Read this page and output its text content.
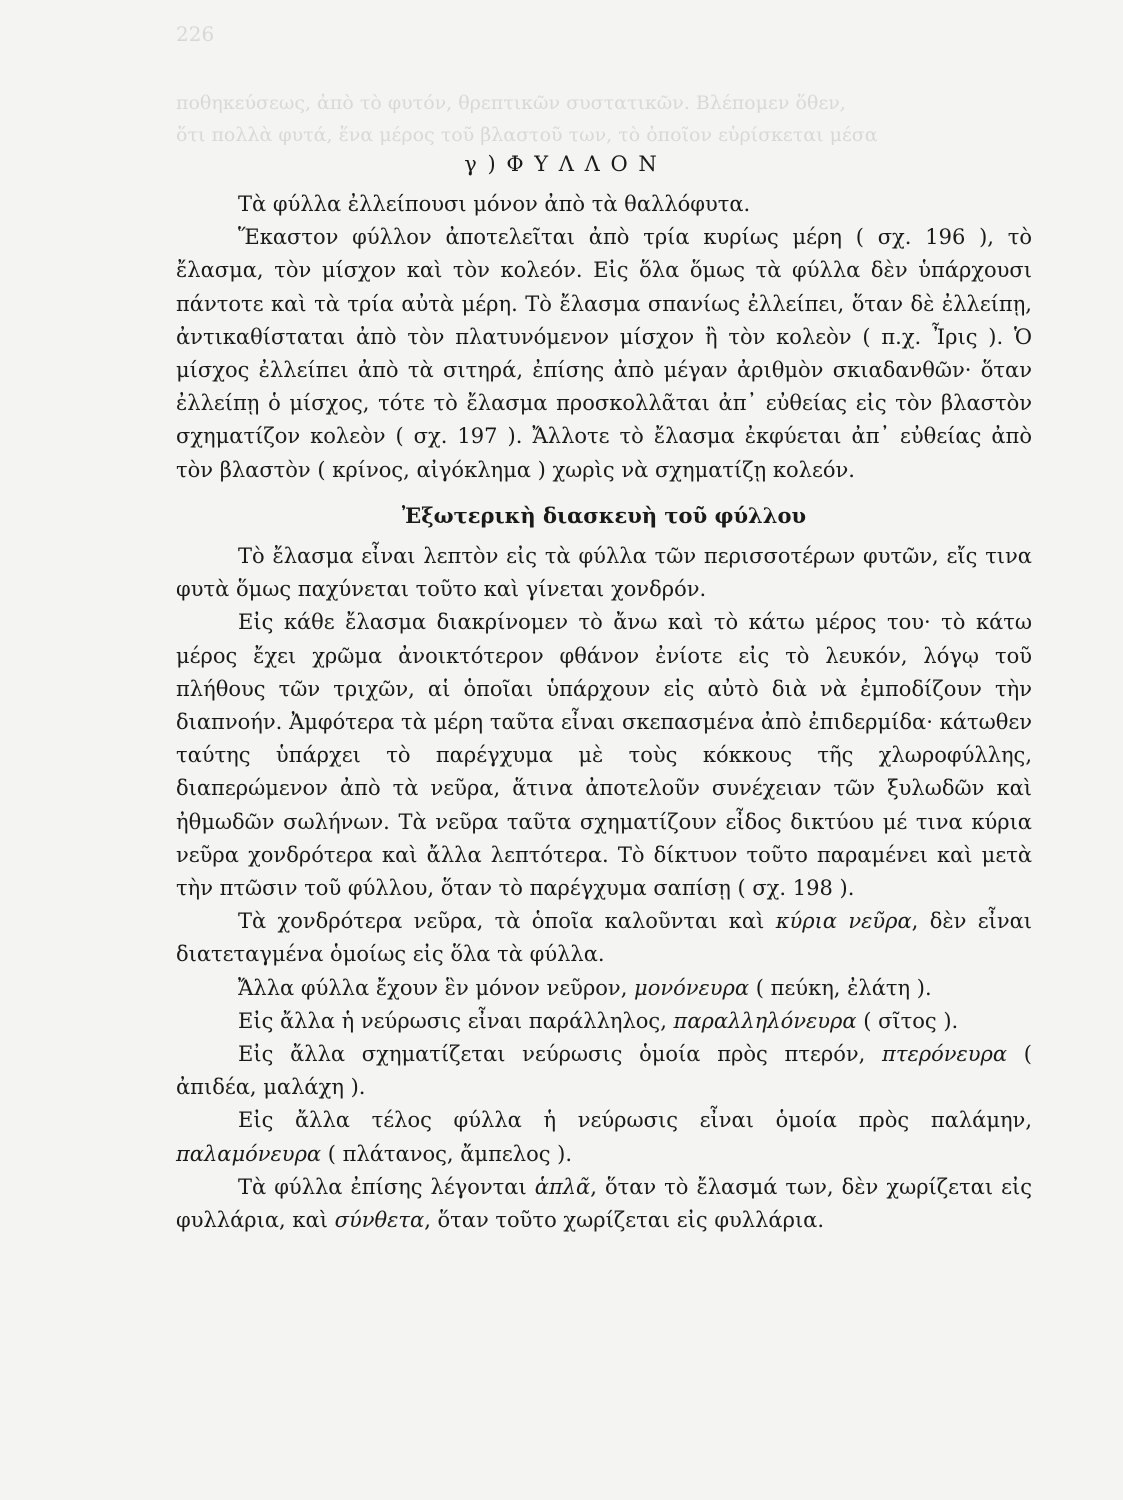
226
ποθηκεύσεως, ἀπὸ τὸ φυτόν, θρεπτικῶν συστατικῶν. Βλέπομεν ὅθεν,
ὅτι πολλὰ φυτά, ἕνα μέρος τοῦ βλαστοῦ των, τὸ ὁποῖον εὑρίσκεται μέσα
γ ) Φ Υ Λ Λ Ο Ν

Τὰ φύλλα ἐλλείπουσι μόνον ἀπὸ τὰ θαλλόφυτα.

Ἕκαστον φύλλον ἀποτελεῖται ἀπὸ τρία κυρίως μέρη ( σχ. 196 ), τὸ ἔλασμα, τὸν μίσχον καὶ τὸν κολεόν. Εἰς ὅλα ὅμως τὰ φύλλα δὲν ὑπάρχουσι πάντοτε καὶ τὰ τρία αὐτὰ μέρη. Τὸ ἔλασμα σπανίως ἐλλείπει, ὅταν δὲ ἐλλείπῃ, ἀντικαθίσταται ἀπὸ τὸν πλατυνόμενον μίσχον ἢ τὸν κολεὸν ( π.χ. Ἶρις ). Ὁ μίσχος ἐλλείπει ἀπὸ τὰ σιτηρά, ἐπίσης ἀπὸ μέγαν ἀριθμὸν σκιαδανθῶν· ὅταν ἐλλείπῃ ὁ μίσχος, τότε τὸ ἔλασμα προσκολλᾶται ἀπ᾿ εὐθείας εἰς τὸν βλαστὸν σχηματίζον κολεὸν ( σχ. 197 ). Ἄλλοτε τὸ ἔλασμα ἐκφύεται ἀπ᾿ εὐθείας ἀπὸ τὸν βλαστὸν ( κρίνος, αἰγόκλημα ) χωρὶς νὰ σχηματίζῃ κολεόν.

Ἐξωτερικὴ διασκευὴ τοῦ φύλλου

Τὸ ἔλασμα εἶναι λεπτὸν εἰς τὰ φύλλα τῶν περισσοτέρων φυτῶν, εἴς τινα φυτὰ ὅμως παχύνεται τοῦτο καὶ γίνεται χονδρόν.

Εἰς κάθε ἔλασμα διακρίνομεν τὸ ἄνω καὶ τὸ κάτω μέρος του· τὸ κάτω μέρος ἔχει χρῶμα ἀνοικτότερον φθάνον ἐνίοτε εἰς τὸ λευκόν, λόγῳ τοῦ πλήθους τῶν τριχῶν, αἱ ὁποῖαι ὑπάρχουν εἰς αὐτὸ διὰ νὰ ἐμποδίζουν τὴν διαπνοήν. Ἀμφότερα τὰ μέρη ταῦτα εἶναι σκεπασμένα ἀπὸ ἐπιδερμίδα· κάτωθεν ταύτης ὑπάρχει τὸ παρέγχυμα μὲ τοὺς κόκκους τῆς χλωροφύλλης, διαπερώμενον ἀπὸ τὰ νεῦρα, ἅτινα ἀποτελοῦν συνέχειαν τῶν ξυλωδῶν καὶ ἠθμωδῶν σωλήνων. Τὰ νεῦρα ταῦτα σχηματίζουν εἶδος δικτύου μέ τινα κύρια νεῦρα χονδρότερα καὶ ἄλλα λεπτότερα. Τὸ δίκτυον τοῦτο παραμένει καὶ μετὰ τὴν πτῶσιν τοῦ φύλλου, ὅταν τὸ παρέγχυμα σαπίσῃ ( σχ. 198 ).

Τὰ χονδρότερα νεῦρα, τὰ ὁποῖα καλοῦνται καὶ κύρια νεῦρα, δὲν εἶναι διατεταγμένα ὁμοίως εἰς ὅλα τὰ φύλλα.

Ἄλλα φύλλα ἔχουν ἓν μόνον νεῦρον, μονόνευρα ( πεύκη, ἐλάτη ).

Εἰς ἄλλα ἡ νεύρωσις εἶναι παράλληλος, παραλληλόνευρα ( σῖτος ).

Εἰς ἄλλα σχηματίζεται νεύρωσις ὁμοία πρὸς πτερόν, πτερόνευρα ( ἀπιδέα, μαλάχη ).

Εἰς ἄλλα τέλος φύλλα ἡ νεύρωσις εἶναι ὁμοία πρὸς παλάμην, παλαμόνευρα ( πλάτανος, ἄμπελος ).

Τὰ φύλλα ἐπίσης λέγονται ἁπλᾶ, ὅταν τὸ ἔλασμά των, δὲν χωρίζεται εἰς φυλλάρια, καὶ σύνθετα, ὅταν τοῦτο χωρίζεται εἰς φυλλάρια.
